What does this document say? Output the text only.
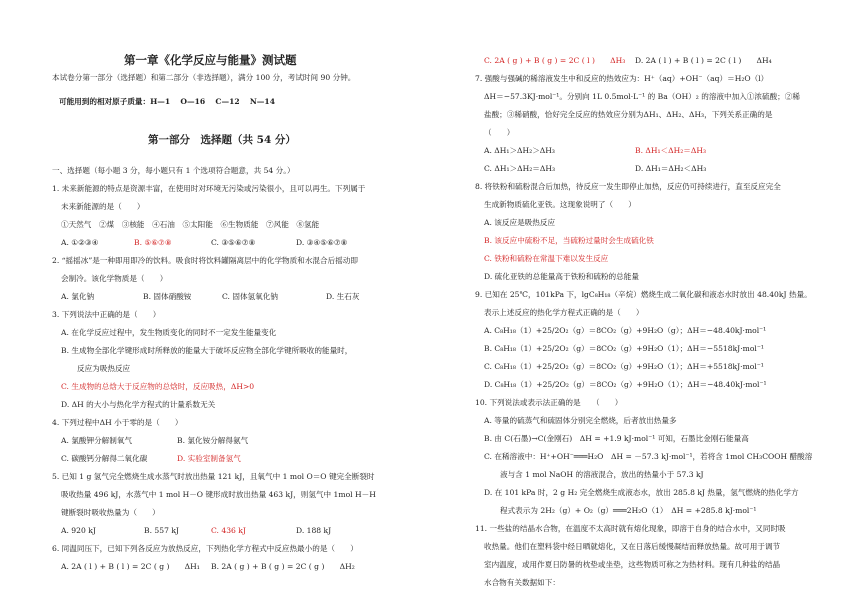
第一章《化学反应与能量》测试题
本试卷分第一部分（选择题）和第二部分（非选择题），满分 100 分，考试时间 90 分钟。
可能用到的相对原子质量：H—1　 O—16　 C—12　 N—14
第一部分　选择题（共 54 分）
一、选择题（每小题 3 分，每小题只有 1 个选项符合题意，共 54 分。）
1. 未来新能源的特点是资源丰富，在使用时对环境无污染或污染很小，且可以再生。下列属于
未来新能源的是（　　）
①天然气　②煤　③核能　④石油　⑤太阳能　⑥生物质能　⑦风能　⑧氢能
A. ①②③④	B. ⑤⑥⑦⑧	C. ③⑤⑥⑦⑧	D. ③④⑤⑥⑦⑧
2. “摇摇冰”是一种即用即冷的饮料。吸食时将饮料罐隔离层中的化学物质和水混合后摇动即
会制冷。该化学物质是（　　）
A. 氯化钠	B. 固体硝酸铵	C. 固体氢氧化钠	D. 生石灰
3. 下列说法中正确的是（　　）
A. 在化学反应过程中，发生物质变化的同时不一定发生能量变化
B. 生成物全部化学键形成时所释放的能量大于破坏反应物全部化学键所吸收的能量时，
反应为吸热反应
C. 生成物的总焓大于反应物的总焓时，反应吸热，ΔH>0
D. ΔH 的大小与热化学方程式的计量系数无关
4. 下列过程中ΔH 小于零的是（　　）
A. 氯酸钾分解制氧气	B. 氯化铵分解得氨气
C. 碳酸钙分解得二氧化碳	D. 实验室制备氢气
5. 已知 1 g 氢气完全燃烧生成水蒸气时放出热量 121 kJ，且氧气中 1 mol O＝O 键完全断裂时
吸收热量 496 kJ，水蒸气中 1 mol H－O 键形成时放出热量 463 kJ，则氢气中 1mol H－H
键断裂时吸收热量为（　　）
A. 920 kJ	B. 557 kJ	C. 436 kJ	D. 188 kJ
6. 同温同压下，已知下列各反应为放热反应，下列热化学方程式中反应热最小的是（　　）
A. 2A ( l ) + B ( l ) = 2C ( g )　　ΔH₁ B. 2A ( g ) + B ( g ) = 2C ( g )　　ΔH₂
C. 2A ( g ) + B ( g ) = 2C ( l )　　ΔH₃ D. 2A ( l ) + B ( l ) = 2C ( l )　　ΔH₄
7. 强酸与强碱的稀溶液发生中和反应的热效应为：H⁺（aq）+OH⁻（aq）＝H₂O（l）
ΔH＝−57.3KJ·mol⁻¹。分别向 1L 0.5mol·L⁻¹ 的 Ba（OH）₂ 的溶液中加入①浓硫酸；②稀
盐酸；③稀硝酸，恰好完全反应的热效应分别为ΔH₁、ΔH₂、ΔH₃，下列关系正确的是
（　　）
A. ΔH₁＞ΔH₂＞ΔH₃	B. ΔH₁＜ΔH₂＝ΔH₃
C. ΔH₁＞ΔH₂＝ΔH₃	D. ΔH₁＝ΔH₂＜ΔH₃
8. 将铁粉和硫粉混合后加热，待反应一发生即停止加热，反应仍可持续进行，直至反应完全
生成新物质硫化亚铁。这现象说明了（　　）
A. 该反应是吸热反应
B. 该反应中硫粉不足，当硫粉过量时会生成硫化铁
C. 铁粉和硫粉在常温下难以发生反应
D. 硫化亚铁的总能量高于铁粉和硫粉的总能量
9. 已知在 25℃，101kPa 下，lgC₈H₁₈（辛烷）燃烧生成二氧化碳和液态水时放出 48.40kJ 热量。
表示上述反应的热化学方程式正确的是（　　）
A. C₈H₁₈（1）+25/2O₂（g）＝8CO₂（g）+9H₂O（g）；ΔH＝−48.40kJ·mol⁻¹
B. C₈H₁₈（1）+25/2O₂（g）＝8CO₂（g）+9H₂O（1）；ΔH＝−5518kJ·mol⁻¹
C. C₈H₁₈（1）+25/2O₂（g）＝8CO₂（g）+9H₂O（1）；ΔH＝+5518kJ·mol⁻¹
D. C₈H₁₈（1）+25/2O₂（g）＝8CO₂（g）+9H₂O（1）；ΔH＝−48.40kJ·mol⁻¹
10. 下列说法或表示法正确的是　　（　　）
A. 等量的硫蒸气和硫固体分别完全燃烧，后者放出热量多
B. 由 C(石墨)→C(金刚石)　ΔH = +1.9 kJ·mol⁻¹ 可知，石墨比金刚石能量高
C. 在稀溶液中：H⁺+OH⁻═══H₂O　ΔH = －57.3 kJ·mol⁻¹，若将含 1mol CH₃COOH 醋酸溶
液与含 1 mol NaOH 的溶液混合，放出的热量小于 57.3 kJ
D. 在 101 kPa 时，2 g H₂ 完全燃烧生成液态水，放出 285.8 kJ 热量，氢气燃烧的热化学方
程式表示为 2H₂（g）+ O₂（g）═══2H₂O（1）　ΔH = +285.8 kJ·mol⁻¹
11. 一些盐的结晶水合物，在温度不太高时就有熔化现象，即溶于自身的结合水中，又同时吸
收热量。他们在塑料袋中经日晒就熔化，又在日落后缓慢凝结而释放热量。故可用于调节
室内温度，或用作夏日防暑的枕垫或坐垫，这些物质可称之为热材料。现有几种盐的结晶
水合物有关数据如下：
